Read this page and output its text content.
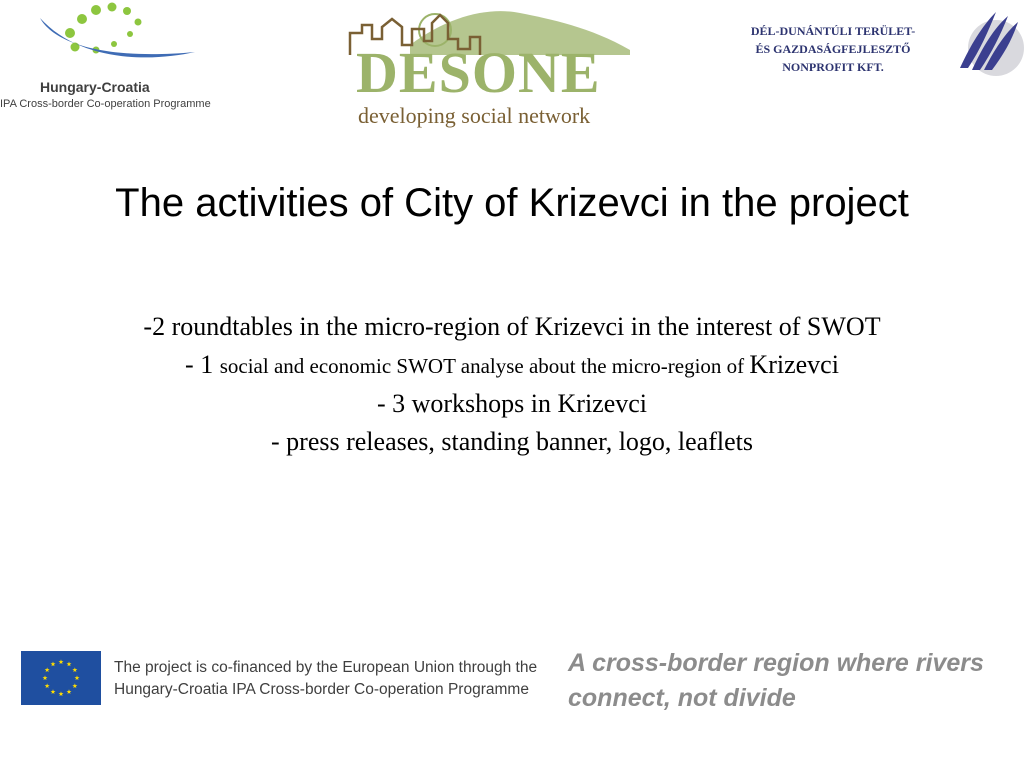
Hungary-Croatia
IPA Cross-border Co-operation Programme	DESONE
developing social network
DÉL-DUNÁNTÚLI TERÜLET-
ÉS GAZDASÁGFEJLESZTŐ
NONPROFIT KFT.
The activities of City of Krizevci in the project
-2 roundtables in the micro-region of Krizevci in the interest of SWOT
- 1 social and economic SWOT analyse about the micro-region of Krizevci
- 3 workshops in Krizevci
- press releases, standing banner, logo, leaflets
The project is co-financed by the European Union through the
Hungary-Croatia IPA Cross-border Co-operation Programme
A cross-border region where rivers
connect, not divide
